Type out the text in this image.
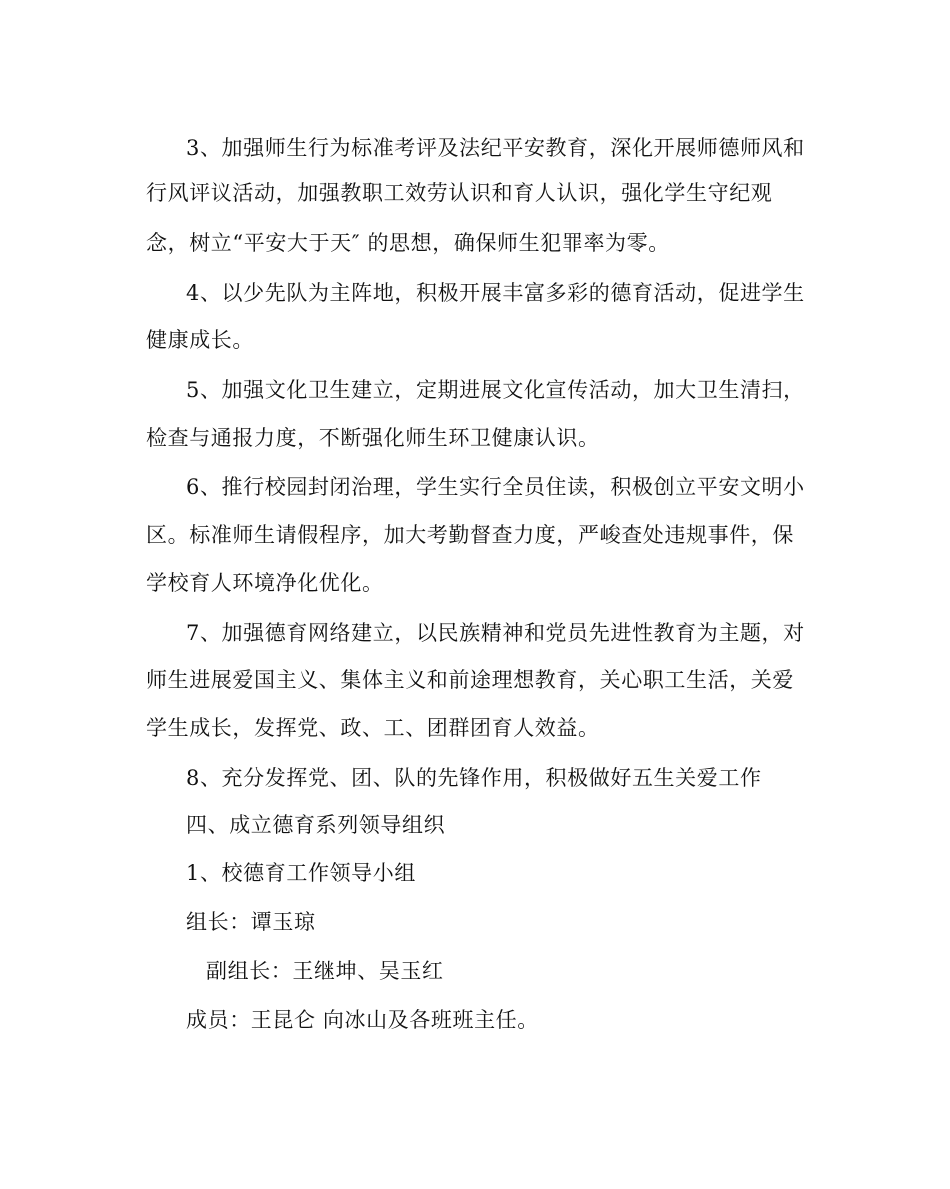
3、加强师生行为标准考评及法纪平安教育，深化开展师德师风和
行风评议活动，加强教职工效劳认识和育人认识，强化学生守纪观
念，树立“平安大于天″ 的思想，确保师生犯罪率为零。
4、以少先队为主阵地，积极开展丰富多彩的德育活动，促进学生
健康成长。
5、加强文化卫生建立，定期进展文化宣传活动，加大卫生清扫，
检查与通报力度，不断强化师生环卫健康认识。
6、推行校园封闭治理，学生实行全员住读，积极创立平安文明小
区。标准师生请假程序，加大考勤督查力度，严峻查处违规事件，保
学校育人环境净化优化。
7、加强德育网络建立，以民族精神和党员先进性教育为主题，对
师生进展爱国主义、集体主义和前途理想教育，关心职工生活，关爱
学生成长，发挥党、政、工、团群团育人效益。
8、充分发挥党、团、队的先锋作用，积极做好五生关爱工作
四、成立德育系列领导组织
1、校德育工作领导小组
组长：谭玉琼
副组长：王继坤、吴玉红
成员：王昆仑 向冰山及各班班主任。
